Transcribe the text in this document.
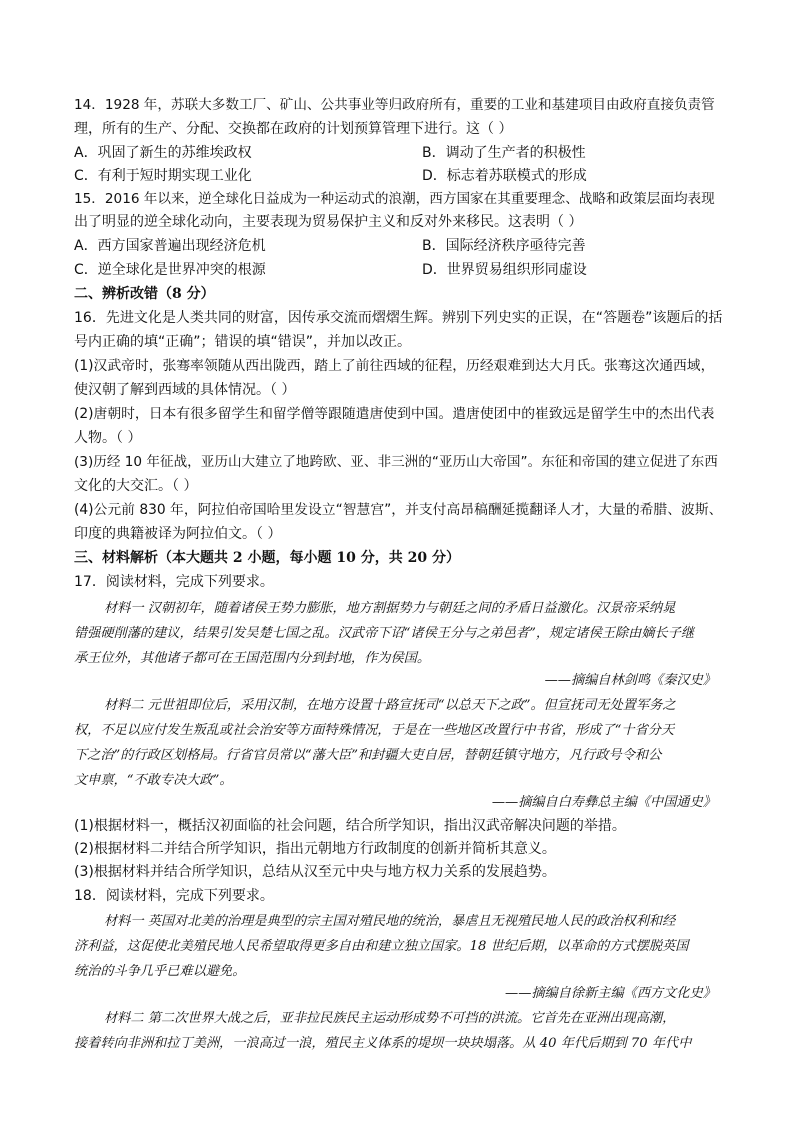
14．1928 年，苏联大多数工厂、矿山、公共事业等归政府所有，重要的工业和基建项目由政府直接负责管
理，所有的生产、分配、交换都在政府的计划预算管理下进行。这（ ）
A．巩固了新生的苏维埃政权	B．调动了生产者的积极性
C．有利于短时期实现工业化	D．标志着苏联模式的形成
15．2016 年以来，逆全球化日益成为一种运动式的浪潮，西方国家在其重要理念、战略和政策层面均表现
出了明显的逆全球化动向，主要表现为贸易保护主义和反对外来移民。这表明（ ）
A．西方国家普遍出现经济危机	B．国际经济秩序亟待完善
C．逆全球化是世界冲突的根源	D．世界贸易组织形同虚设
二、辨析改错（8 分）
16．先进文化是人类共同的财富，因传承交流而熠熠生辉。辨别下列史实的正误，在“答题卷”该题后的括
号内正确的填“正确”；错误的填“错误”，并加以改正。
(1)汉武帝时，张骞率领随从西出陇西，踏上了前往西域的征程，历经艰难到达大月氏。张骞这次通西域，
使汉朝了解到西域的具体情况。（ ）
(2)唐朝时，日本有很多留学生和留学僧等跟随遣唐使到中国。遣唐使团中的崔致远是留学生中的杰出代表
人物。（ ）
(3)历经 10 年征战，亚历山大建立了地跨欧、亚、非三洲的“亚历山大帝国”。东征和帝国的建立促进了东西
文化的大交汇。（ ）
(4)公元前 830 年，阿拉伯帝国哈里发设立“智慧宫”，并支付高昂稿酬延揽翻译人才，大量的希腊、波斯、
印度的典籍被译为阿拉伯文。（ ）
三、材料解析（本大题共 2 小题，每小题 10 分，共 20 分）
17．阅读材料，完成下列要求。
材料一 汉朝初年，随着诸侯王势力膨胀，地方割据势力与朝廷之间的矛盾日益激化。汉景帝采纳晁
错强硬削藩的建议，结果引发吴楚七国之乱。汉武帝下诏“诸侯王分与之弟邑者”，规定诸侯王除由嫡长子继
承王位外，其他诸子都可在王国范围内分到封地，作为侯国。
——摘编自林剑鸣《秦汉史》
材料二 元世祖即位后，采用汉制，在地方设置十路宣抚司“以总天下之政”。但宣抚司无处置军务之
权，不足以应付发生叛乱或社会治安等方面特殊情况，于是在一些地区改置行中书省，形成了“十省分天
下之治”的行政区划格局。行省官员常以“藩大臣”和封疆大吏自居，替朝廷镇守地方，凡行政号令和公
文申禀，“不敢专决大政”。
——摘编自白寿彝总主编《中国通史》
(1)根据材料一，概括汉初面临的社会问题，结合所学知识，指出汉武帝解决问题的举措。
(2)根据材料二并结合所学知识，指出元朝地方行政制度的创新并简析其意义。
(3)根据材料并结合所学知识，总结从汉至元中央与地方权力关系的发展趋势。
18．阅读材料，完成下列要求。
材料一 英国对北美的治理是典型的宗主国对殖民地的统治，暴虐且无视殖民地人民的政治权利和经
济利益，这促使北美殖民地人民希望取得更多自由和建立独立国家。18 世纪后期，以革命的方式摆脱英国
统治的斗争几乎已难以避免。
——摘编自徐新主编《西方文化史》
材料二 第二次世界大战之后，亚非拉民族民主运动形成势不可挡的洪流。它首先在亚洲出现高潮，
接着转向非洲和拉丁美洲，一浪高过一浪，殖民主义体系的堤坝一块块塌落。从 40 年代后期到 70 年代中
